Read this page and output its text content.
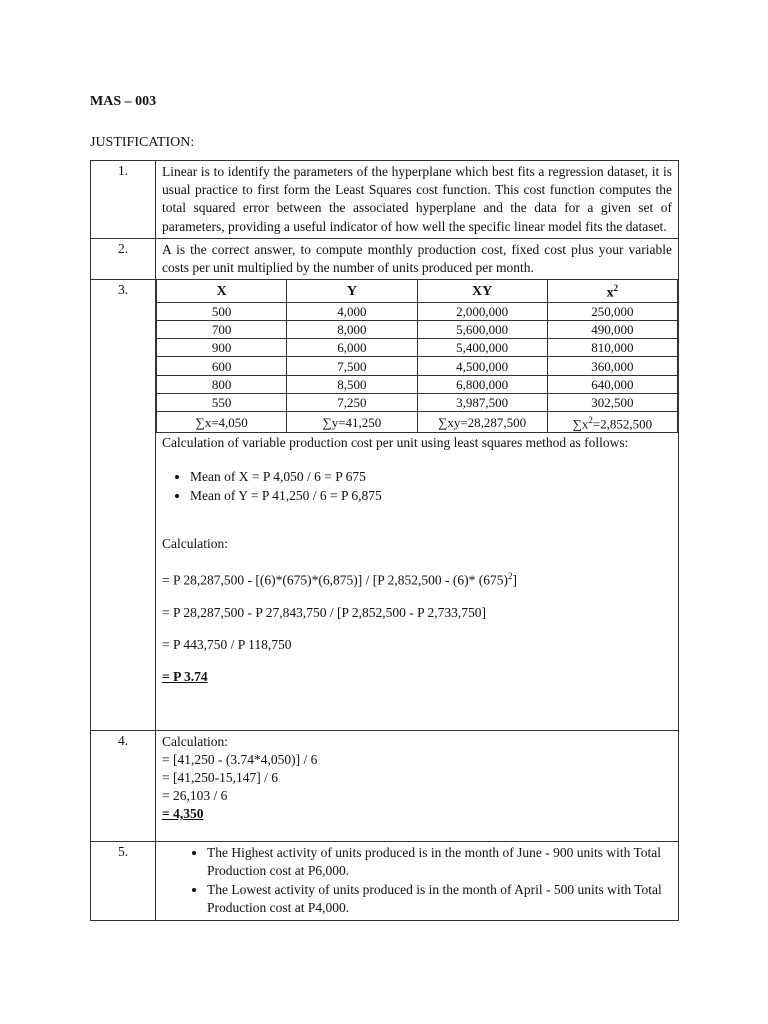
MAS – 003
JUSTIFICATION:
1.	Linear is to identify the parameters of the hyperplane which best fits a regression dataset, it is usual practice to first form the Least Squares cost function. This cost function computes the total squared error between the associated hyperplane and the data for a given set of parameters, providing a useful indicator of how well the specific linear model fits the dataset.

2.	A is the correct answer, to compute monthly production cost, fixed cost plus your variable costs per unit multiplied by the number of units produced per month.

3.		X	Y	XY	$x^2$
500	4,000	2,000,000	250,000
700	8,000	5,600,000	490,000
900	6,000	5,400,000	810,000
600	7,500	4,500,000	360,000
800	8,500	6,800,000	640,000
550	7,250	3,987,500	302,500
∑x=4,050	∑y=41,250	∑xy=28,287,500	$\sum x^2=2,852,500$
Calculation of variable production cost per unit using least squares method as follows:
• Mean of X = P 4,050 / 6 = P 675
• Mean of Y = P 41,250 / 6 = P 6,875
Calculation:
= P 28,287,500 - [(6)*(675)*(6,875)] / [P 2,852,500 - (6)* $(675)^2$]
= P 28,287,500 - P 27,843,750 / [P 2,852,500 - P 2,733,750]
= P 443,750 / P 118,750
= P 3.74

4.	Calculation:
= [41,250 - (3.74*4,050)] / 6
= [41,250-15,147] / 6
= 26,103 / 6
= 4,350

5.	
•The Highest activity of units produced is in the month of June - 900 units with Total Production cost at P6,000.
• The Lowest activity of units produced is in the month of April - 500 units with Total Production cost at P4,000.
